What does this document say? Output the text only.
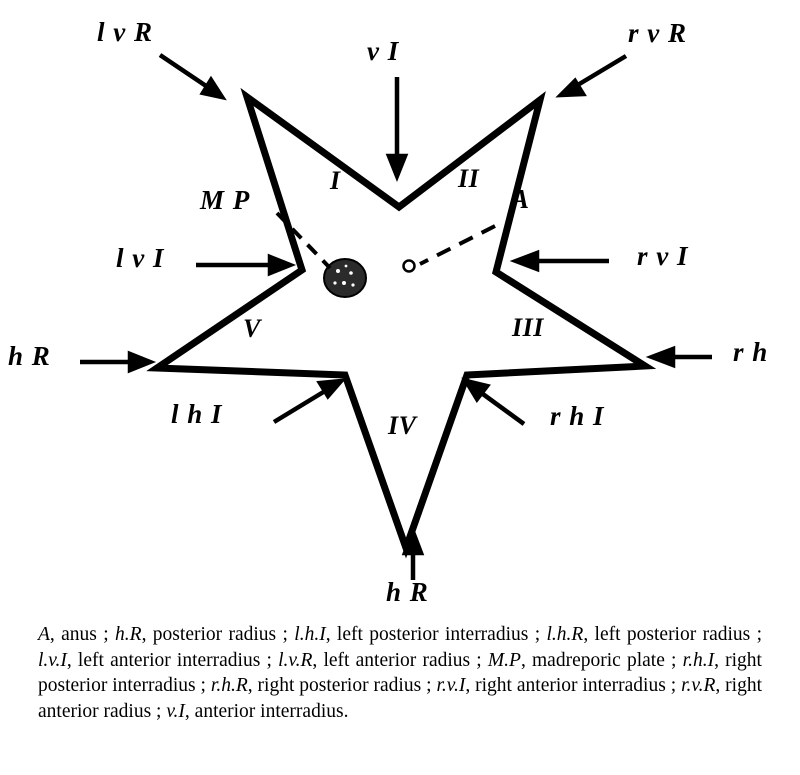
l v R	r v R
v I
M P	A
l v I	r v I
h R	r h
l h I	r h I
h R
I	II
III
IV
V
A, anus ; h.R, posterior radius ; l.h.I, left posterior interradius ; l.h.R, left posterior radius ; l.v.I, left anterior interradius ; l.v.R, left anterior radius ; M.P, madreporic plate ; r.h.I, right posterior interradius ; r.h.R, right posterior radius ; r.v.I, right anterior interradius ; r.v.R, right anterior radius ; v.I, anterior interradius.
